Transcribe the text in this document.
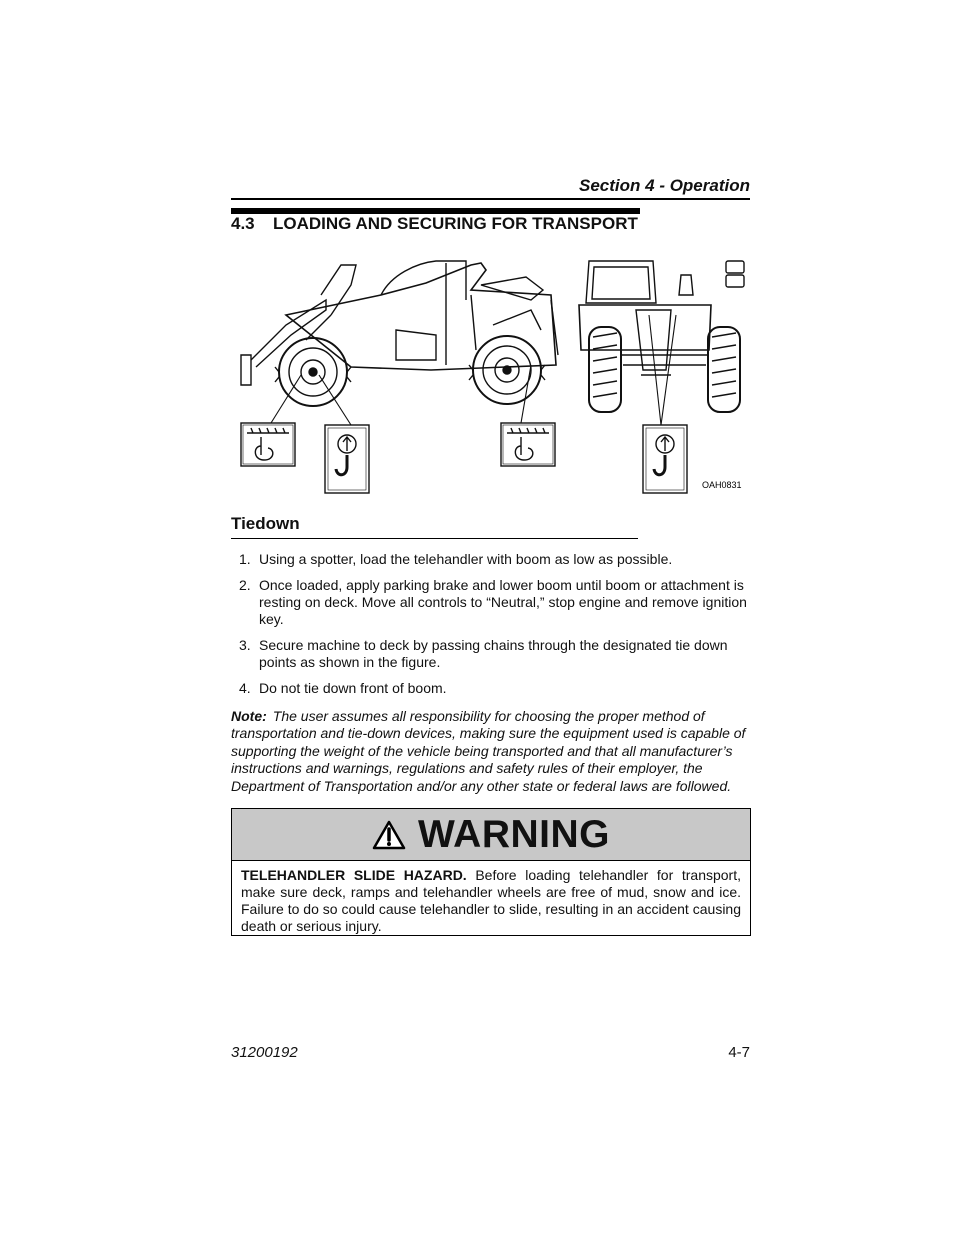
Section 4 - Operation
4.3 LOADING AND SECURING FOR TRANSPORT
OAH0831
Tiedown
1. Using a spotter, load the telehandler with boom as low as possible.
2. Once loaded, apply parking brake and lower boom until boom or attachment is resting on deck. Move all controls to “Neutral,” stop engine and remove ignition key.
3. Secure machine to deck by passing chains through the designated tie down points as shown in the figure.
4. Do not tie down front of boom.
Note: The user assumes all responsibility for choosing the proper method of transportation and tie-down devices, making sure the equipment used is capable of supporting the weight of the vehicle being transported and that all manufacturer’s instructions and warnings, regulations and safety rules of their employer, the Department of Transportation and/or any other state or federal laws are followed.
WARNING
TELEHANDLER SLIDE HAZARD. Before loading telehandler for transport, make sure deck, ramps and telehandler wheels are free of mud, snow and ice. Failure to do so could cause telehandler to slide, resulting in an accident causing death or serious injury.
31200192	4-7
